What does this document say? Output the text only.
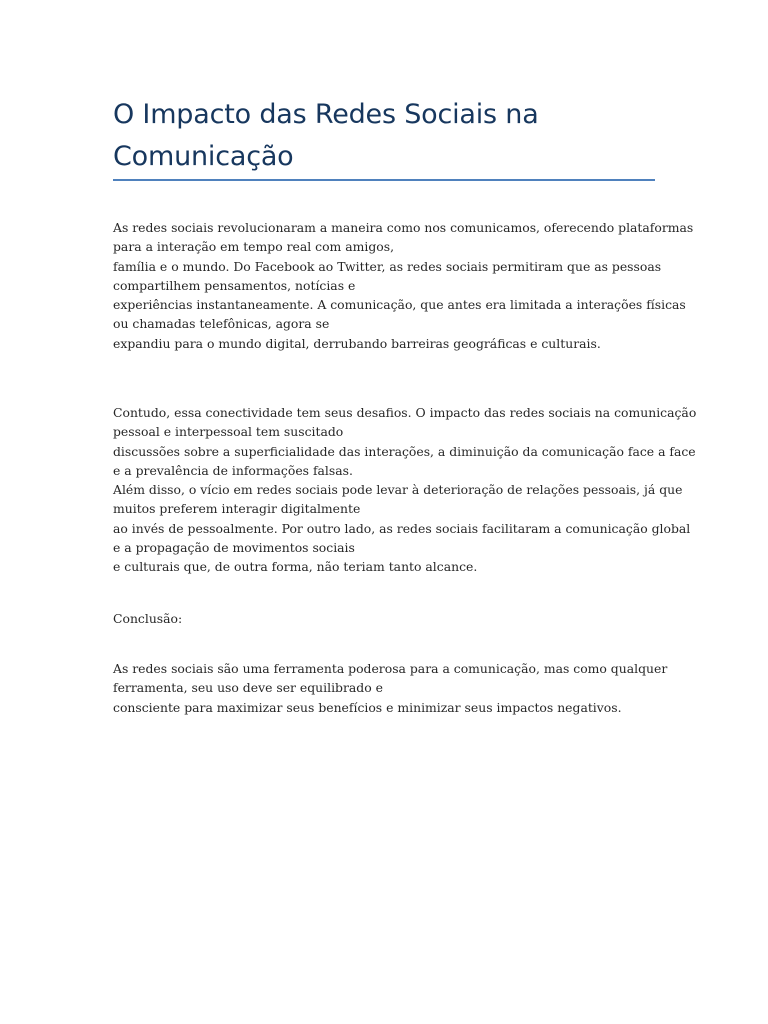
O Impacto das Redes Sociais na
Comunicação

As redes sociais revolucionaram a maneira como nos comunicamos, oferecendo plataformas
para a interação em tempo real com amigos,
família e o mundo. Do Facebook ao Twitter, as redes sociais permitiram que as pessoas
compartilhem pensamentos, notícias e
experiências instantaneamente. A comunicação, que antes era limitada a interações físicas
ou chamadas telefônicas, agora se
expandiu para o mundo digital, derrubando barreiras geográficas e culturais.

Contudo, essa conectividade tem seus desafios. O impacto das redes sociais na comunicação
pessoal e interpessoal tem suscitado
discussões sobre a superficialidade das interações, a diminuição da comunicação face a face
e a prevalência de informações falsas.
Além disso, o vício em redes sociais pode levar à deterioração de relações pessoais, já que
muitos preferem interagir digitalmente
ao invés de pessoalmente. Por outro lado, as redes sociais facilitaram a comunicação global
e a propagação de movimentos sociais
e culturais que, de outra forma, não teriam tanto alcance.

Conclusão:

As redes sociais são uma ferramenta poderosa para a comunicação, mas como qualquer
ferramenta, seu uso deve ser equilibrado e
consciente para maximizar seus benefícios e minimizar seus impactos negativos.
